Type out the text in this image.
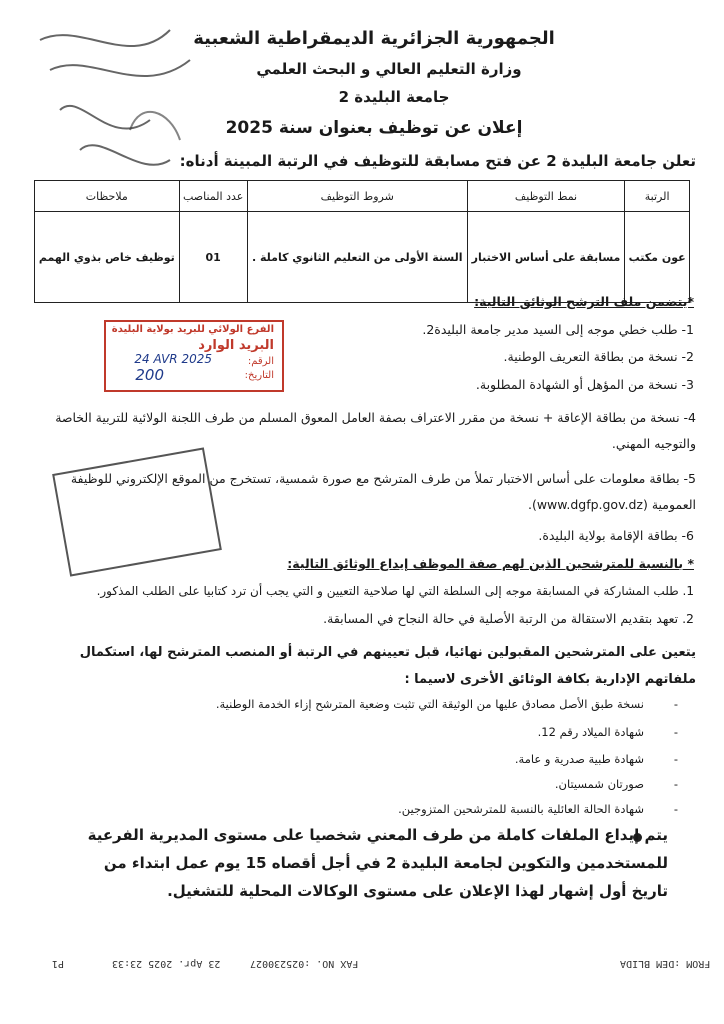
الجمهورية الجزائرية الديمقراطية الشعبية
وزارة التعليم العالي و البحث العلمي
جامعة البليدة 2
إعلان عن توظيف بعنوان سنة 2025
تعلن جامعة البليدة 2 عن فتح مسابقة للتوظيف في الرتبة المبينة أدناه:
الرتبة	نمط التوظيف	شروط التوظيف	عدد المناصب	ملاحظات
عون مكتب	مسابقة على أساس الاختبار	السنة الأولى من التعليم الثانوي كاملة .	01	توظيف خاص بذوي الهمم
*يتضمن ملف الترشح الوثائق التالية:
1- طلب خطي موجه إلى السيد مدير جامعة البليدة2.
2- نسخة من بطاقة التعريف الوطنية.
3- نسخة من المؤهل أو الشهادة المطلوبة.
4- نسخة من بطاقة الإعاقة + نسخة من مقرر الاعتراف بصفة العامل المعوق المسلم من طرف اللجنة الولائية للتربية الخاصة والتوجيه المهني.
5- بطاقة معلومات على أساس الاختبار تملأ من طرف المترشح مع صورة شمسية، تستخرج من الموقع الإلكتروني للوظيفة العمومية (www.dgfp.gov.dz).
6- بطاقة الإقامة بولاية البليدة.
* بالنسبة للمترشحين الذين لهم صفة الموظف إيداع الوثائق التالية:
1. طلب المشاركة في المسابقة موجه إلى السلطة التي لها صلاحية التعيين و التي يجب أن ترد كتابيا على الطلب المذكور.
2. تعهد بتقديم الاستقالة من الرتبة الأصلية في حالة النجاح في المسابقة.
يتعين على المترشحين المقبولين نهائيا، قبل تعيينهم في الرتبة أو المنصب المترشح لها، استكمال ملفاتهم الإدارية بكافة الوثائق الأخرى لاسيما :
- نسخة طبق الأصل مصادق عليها من الوثيقة التي تثبت وضعية المترشح إزاء الخدمة الوطنية.
- شهادة الميلاد رقم 12.
- شهادة طبية صدرية و عامة.
- صورتان شمسيتان.
- شهادة الحالة العائلية بالنسبة للمترشحين المتزوجين.
يتم إيداع الملفات كاملة من طرف المعني شخصيا على مستوى المديرية الفرعية للمستخدمين والتكوين لجامعة البليدة 2 في أجل أقصاه 15 يوم عمل ابتداء من تاريخ أول إشهار لهذا الإعلان على مستوى الوكالات المحلية للتشغيل.
الفرع الولائي للبريد بولاية البليدة
البريد الوارد
الرقم:
التاريخ:
24 AVR 2025
200
FROM :DEM BLIDA
FAX NO. :025230027
23 Apr. 2025 23:33
P1
